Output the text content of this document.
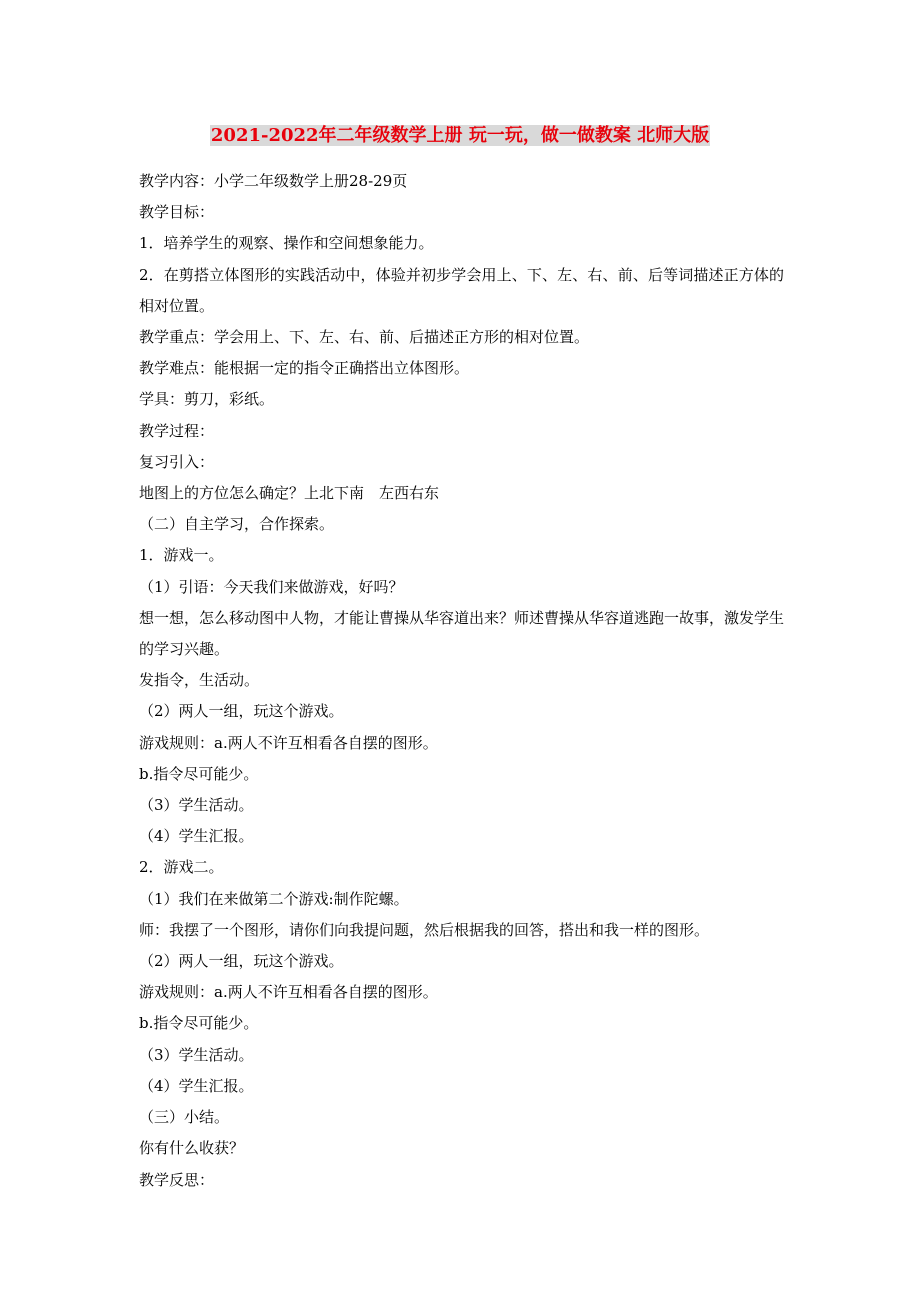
2021-2022年二年级数学上册 玩一玩，做一做教案 北师大版
教学内容：小学二年级数学上册28-29页
教学目标：
1．培养学生的观察、操作和空间想象能力。
2．在剪搭立体图形的实践活动中，体验并初步学会用上、下、左、右、前、后等词描述正方体的相对位置。
教学重点：学会用上、下、左、右、前、后描述正方形的相对位置。
教学难点：能根据一定的指令正确搭出立体图形。
学具：剪刀，彩纸。
教学过程：
复习引入：
地图上的方位怎么确定？上北下南　左西右东
（二）自主学习，合作探索。
1．游戏一。
（1）引语：今天我们来做游戏，好吗？
想一想，怎么移动图中人物，才能让曹操从华容道出来？师述曹操从华容道逃跑一故事，激发学生的学习兴趣。
发指令，生活动。
（2）两人一组，玩这个游戏。
游戏规则：a.两人不许互相看各自摆的图形。
b.指令尽可能少。
（3）学生活动。
（4）学生汇报。
2．游戏二。
（1）我们在来做第二个游戏:制作陀螺。
师：我摆了一个图形，请你们向我提问题，然后根据我的回答，搭出和我一样的图形。
（2）两人一组，玩这个游戏。
游戏规则：a.两人不许互相看各自摆的图形。
b.指令尽可能少。
（3）学生活动。
（4）学生汇报。
（三）小结。
你有什么收获？
教学反思：
